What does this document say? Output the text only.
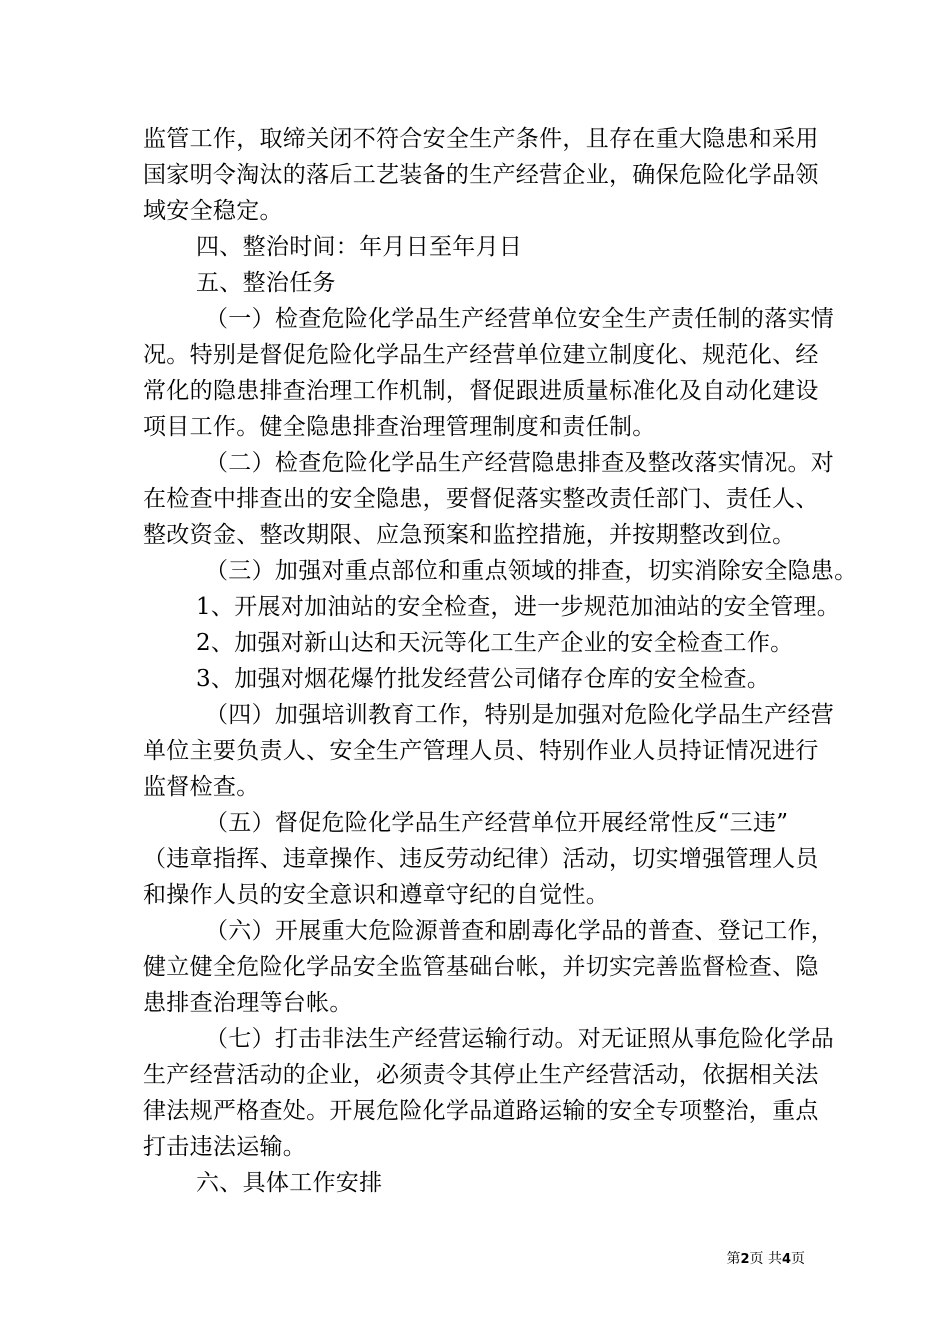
监管工作，取缔关闭不符合安全生产条件，且存在重大隐患和采用
国家明令淘汰的落后工艺装备的生产经营企业，确保危险化学品领
域安全稳定。
四、整治时间：年月日至年月日
五、整治任务
（一）检查危险化学品生产经营单位安全生产责任制的落实情
况。特别是督促危险化学品生产经营单位建立制度化、规范化、经
常化的隐患排查治理工作机制，督促跟进质量标准化及自动化建设
项目工作。健全隐患排查治理管理制度和责任制。
（二）检查危险化学品生产经营隐患排查及整改落实情况。对
在检查中排查出的安全隐患，要督促落实整改责任部门、责任人、
整改资金、整改期限、应急预案和监控措施，并按期整改到位。
（三）加强对重点部位和重点领域的排查，切实消除安全隐患。
1、开展对加油站的安全检查，进一步规范加油站的安全管理。
2、加强对新山达和天沅等化工生产企业的安全检查工作。
3、加强对烟花爆竹批发经营公司储存仓库的安全检查。
（四）加强培训教育工作，特别是加强对危险化学品生产经营
单位主要负责人、安全生产管理人员、特别作业人员持证情况进行
监督检查。
（五）督促危险化学品生产经营单位开展经常性反“三违”
（违章指挥、违章操作、违反劳动纪律）活动，切实增强管理人员
和操作人员的安全意识和遵章守纪的自觉性。
（六）开展重大危险源普查和剧毒化学品的普查、登记工作，
健立健全危险化学品安全监管基础台帐，并切实完善监督检查、隐
患排查治理等台帐。
（七）打击非法生产经营运输行动。对无证照从事危险化学品
生产经营活动的企业，必须责令其停止生产经营活动，依据相关法
律法规严格查处。开展危险化学品道路运输的安全专项整治，重点
打击违法运输。
六、具体工作安排
第2页 共4页
